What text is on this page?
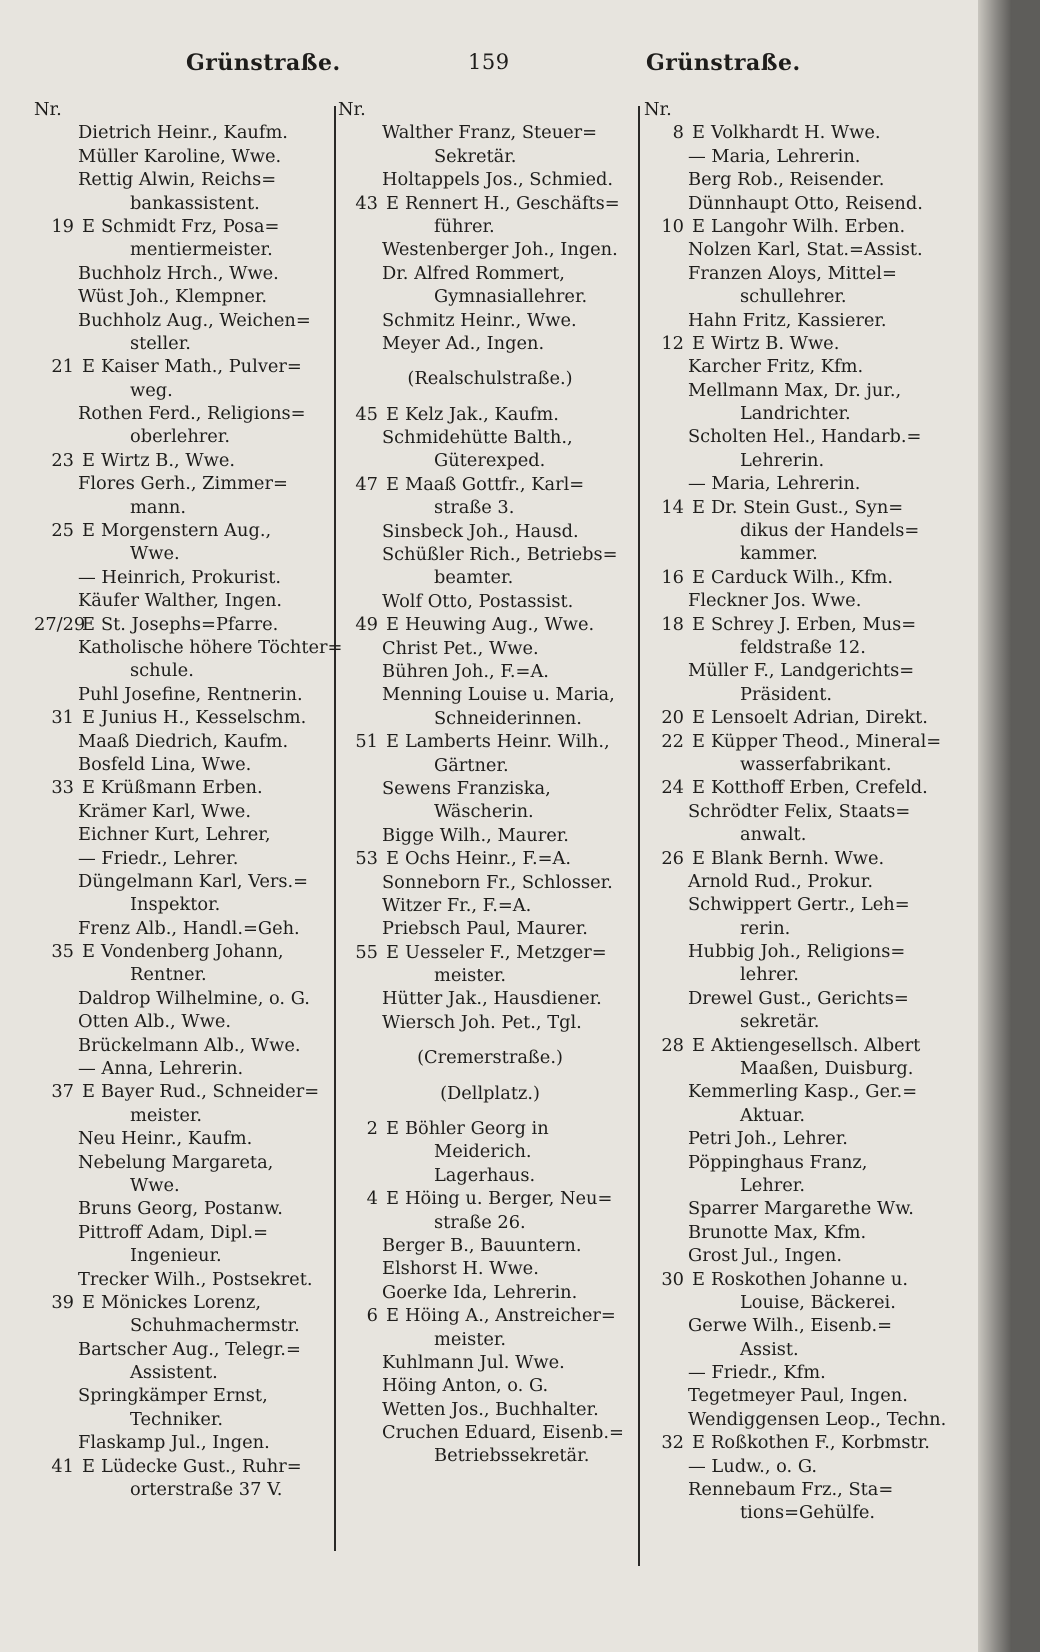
Grünstraße.	159	Grünstraße.
Nr.
Dietrich Heinr., Kaufm.
Müller Karoline, Wwe.
Rettig Alwin, Reichs=
bankassistent.
19 E Schmidt Frz, Posa=
mentiermeister.
Buchholz Hrch., Wwe.
Wüst Joh., Klempner.
Buchholz Aug., Weichen=
steller.
21 E Kaiser Math., Pulver=
weg.
Rothen Ferd., Religions=
oberlehrer.
23 E Wirtz B., Wwe.
Flores Gerh., Zimmer=
mann.
25 E Morgenstern Aug.,
Wwe.
— Heinrich, Prokurist.
Käufer Walther, Ingen.
27/29E St. Josephs=Pfarre.
Katholische höhere Töchter=
schule.
Puhl Josefine, Rentnerin.
31 E Junius H., Kesselschm.
Maaß Diedrich, Kaufm.
Bosfeld Lina, Wwe.
33 E Krüßmann Erben.
Krämer Karl, Wwe.
Eichner Kurt, Lehrer,
— Friedr., Lehrer.
Düngelmann Karl, Vers.=
Inspektor.
Frenz Alb., Handl.=Geh.
35 E Vondenberg Johann,
Rentner.
Daldrop Wilhelmine, o. G.
Otten Alb., Wwe.
Brückelmann Alb., Wwe.
— Anna, Lehrerin.
37 E Bayer Rud., Schneider=
meister.
Neu Heinr., Kaufm.
Nebelung Margareta,
Wwe.
Bruns Georg, Postanw.
Pittroff Adam, Dipl.=
Ingenieur.
Trecker Wilh., Postsekret.
39 E Mönickes Lorenz,
Schuhmachermstr.
Bartscher Aug., Telegr.=
Assistent.
Springkämper Ernst,
Techniker.
Flaskamp Jul., Ingen.
41 E Lüdecke Gust., Ruhr=
orterstraße 37 V.
Nr.
Walther Franz, Steuer=
Sekretär.
Holtappels Jos., Schmied.
43 E Rennert H., Geschäfts=
führer.
Westenberger Joh., Ingen.
Dr. Alfred Rommert,
Gymnasiallehrer.
Schmitz Heinr., Wwe.
Meyer Ad., Ingen.
(Realschulstraße.)
45 E Kelz Jak., Kaufm.
Schmidehütte Balth.,
Güterexped.
47 E Maaß Gottfr., Karl=
straße 3.
Sinsbeck Joh., Hausd.
Schüßler Rich., Betriebs=
beamter.
Wolf Otto, Postassist.
49 E Heuwing Aug., Wwe.
Christ Pet., Wwe.
Bühren Joh., F.=A.
Menning Louise u. Maria,
Schneiderinnen.
51 E Lamberts Heinr. Wilh.,
Gärtner.
Sewens Franziska,
Wäscherin.
Bigge Wilh., Maurer.
53 E Ochs Heinr., F.=A.
Sonneborn Fr., Schlosser.
Witzer Fr., F.=A.
Priebsch Paul, Maurer.
55 E Uesseler F., Metzger=
meister.
Hütter Jak., Hausdiener.
Wiersch Joh. Pet., Tgl.
(Cremerstraße.)
(Dellplatz.)
2 E Böhler Georg in
Meiderich.
Lagerhaus.
4 E Höing u. Berger, Neu=
straße 26.
Berger B., Bauuntern.
Elshorst H. Wwe.
Goerke Ida, Lehrerin.
6 E Höing A., Anstreicher=
meister.
Kuhlmann Jul. Wwe.
Höing Anton, o. G.
Wetten Jos., Buchhalter.
Cruchen Eduard, Eisenb.=
Betriebssekretär.
Nr.
8 E Volkhardt H. Wwe.
— Maria, Lehrerin.
Berg Rob., Reisender.
Dünnhaupt Otto, Reisend.
10 E Langohr Wilh. Erben.
Nolzen Karl, Stat.=Assist.
Franzen Aloys, Mittel=
schullehrer.
Hahn Fritz, Kassierer.
12 E Wirtz B. Wwe.
Karcher Fritz, Kfm.
Mellmann Max, Dr. jur.,
Landrichter.
Scholten Hel., Handarb.=
Lehrerin.
— Maria, Lehrerin.
14 E Dr. Stein Gust., Syn=
dikus der Handels=
kammer.
16 E Carduck Wilh., Kfm.
Fleckner Jos. Wwe.
18 E Schrey J. Erben, Mus=
feldstraße 12.
Müller F., Landgerichts=
Präsident.
20 E Lensoelt Adrian, Direkt.
22 E Küpper Theod., Mineral=
wasserfabrikant.
24 E Kotthoff Erben, Crefeld.
Schrödter Felix, Staats=
anwalt.
26 E Blank Bernh. Wwe.
Arnold Rud., Prokur.
Schwippert Gertr., Leh=
rerin.
Hubbig Joh., Religions=
lehrer.
Drewel Gust., Gerichts=
sekretär.
28 E Aktiengesellsch. Albert
Maaßen, Duisburg.
Kemmerling Kasp., Ger.=
Aktuar.
Petri Joh., Lehrer.
Pöppinghaus Franz,
Lehrer.
Sparrer Margarethe Ww.
Brunotte Max, Kfm.
Grost Jul., Ingen.
30 E Roskothen Johanne u.
Louise, Bäckerei.
Gerwe Wilh., Eisenb.=
Assist.
— Friedr., Kfm.
Tegetmeyer Paul, Ingen.
Wendiggensen Leop., Techn.
32 E Roßkothen F., Korbmstr.
— Ludw., o. G.
Rennebaum Frz., Sta=
tions=Gehülfe.
